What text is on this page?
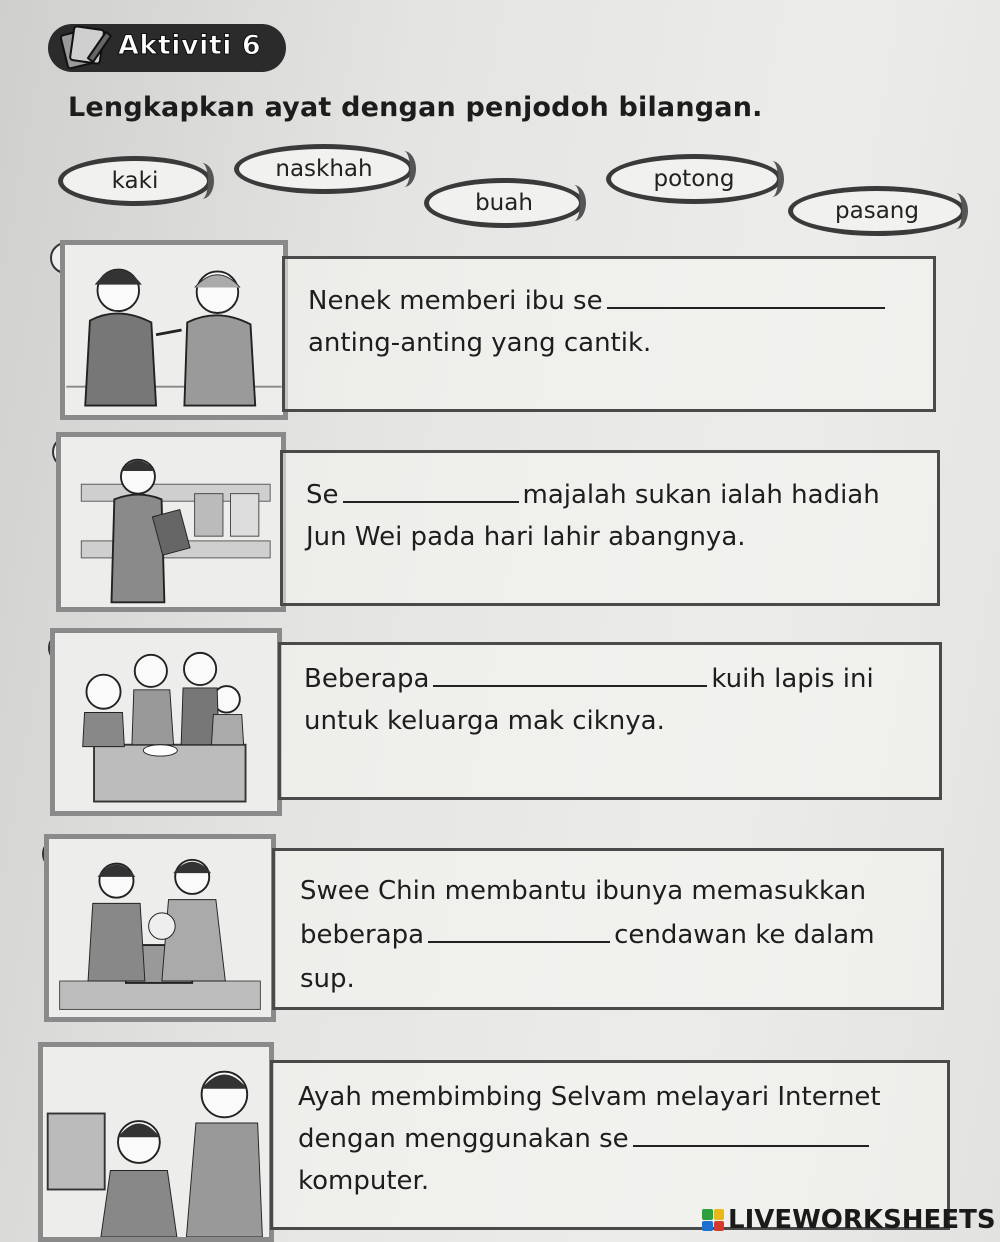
Aktiviti 6
Lengkapkan ayat dengan penjodoh bilangan.
kaki	naskhah
buah
potong
pasang
Nenek memberi ibu se
anting-anting yang cantik.
Se	majalah sukan ialah hadiah
Jun Wei pada hari lahir abangnya.
Beberapa	kuih lapis ini
untuk keluarga mak ciknya.
Swee Chin membantu ibunya memasukkan
beberapa	cendawan ke dalam
sup.
Ayah membimbing Selvam melayari Internet
dengan menggunakan se
komputer.
LIVEWORKSHEETS
